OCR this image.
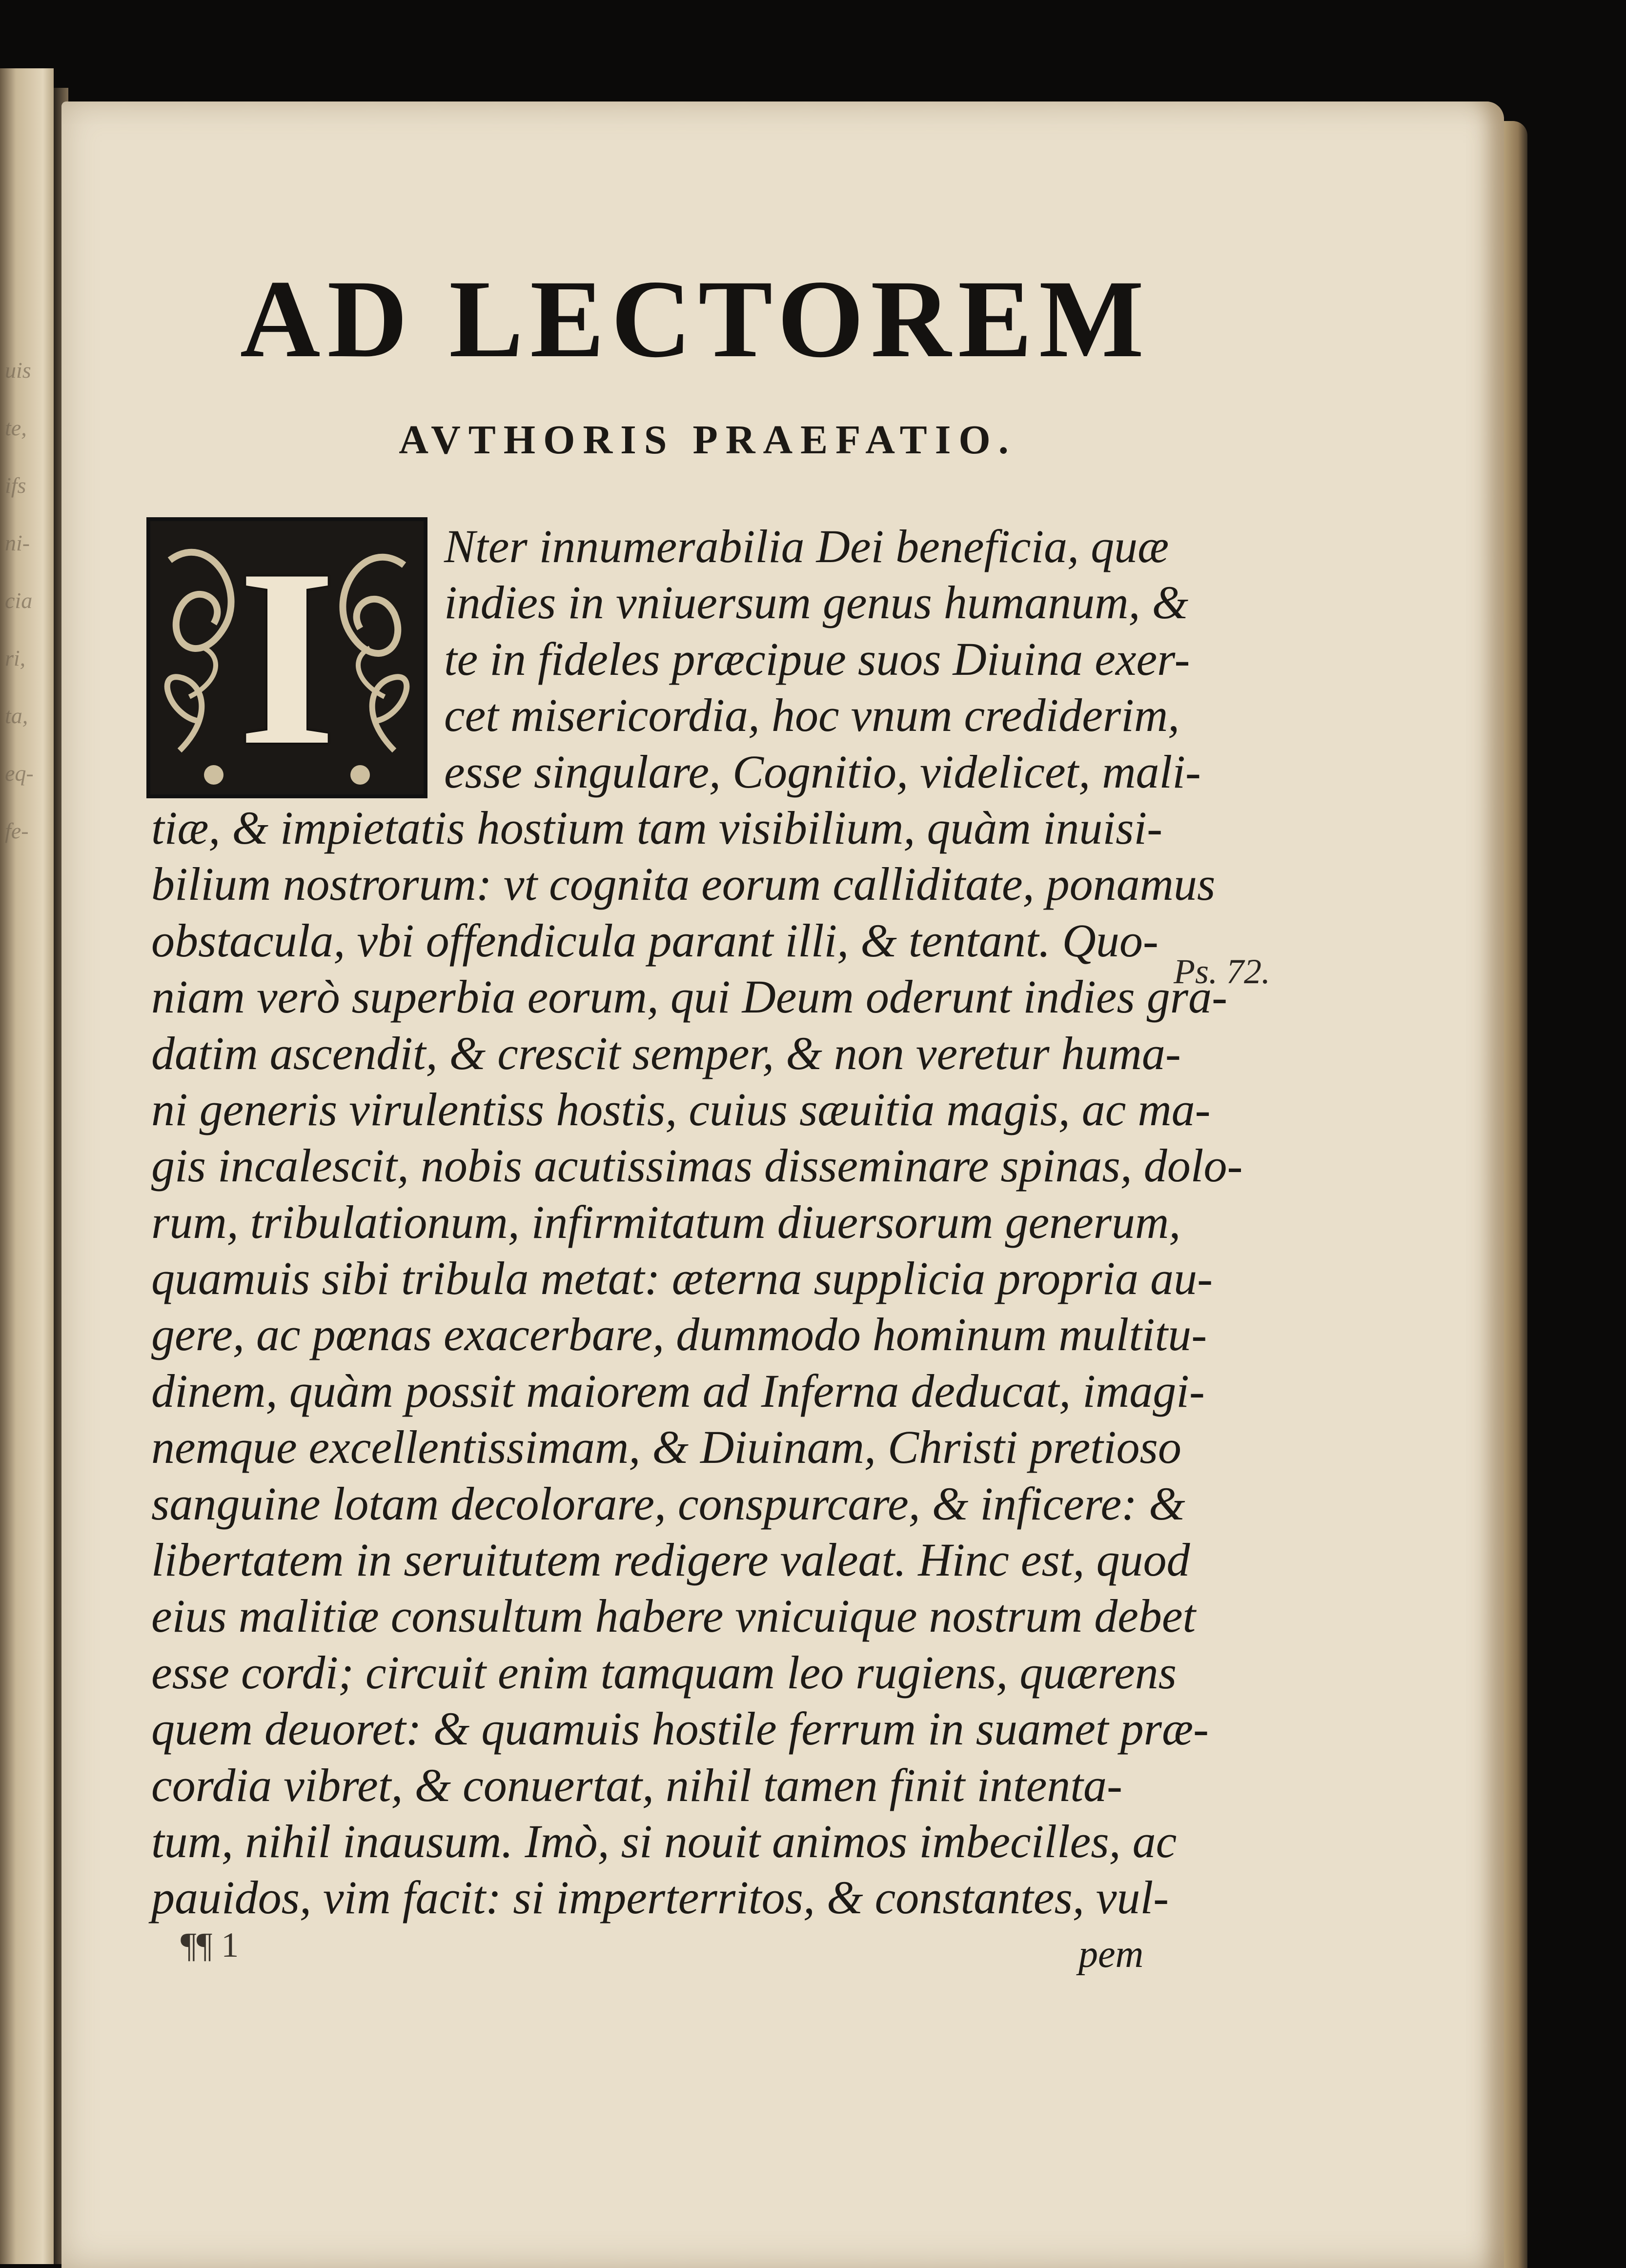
uis
te,
ifs
ni-
cia
ri,
ta,
eq-
fe-
AD LECTOREM
AVTHORIS PRAEFATIO.
I	Nter innumerabilia Dei beneficia, quæ
indies in vniuersum genus humanum, &
te in fideles præcipue suos Diuina exer-
cet misericordia, hoc vnum crediderim,
esse singulare, Cognitio, videlicet, mali-
tiæ, & impietatis hostium tam visibilium, quàm inuisi-
bilium nostrorum: vt cognita eorum calliditate, ponamus
obstacula, vbi offendicula parant illi, & tentant. Quo-
niam verò superbia eorum, qui Deum oderunt indies gra-
datim ascendit, & crescit semper, & non veretur huma-
ni generis virulentiss hostis, cuius sæuitia magis, ac ma-
gis incalescit, nobis acutissimas disseminare spinas, dolo-
rum, tribulationum, infirmitatum diuersorum generum,
quamuis sibi tribula metat: æterna supplicia propria au-
gere, ac pœnas exacerbare, dummodo hominum multitu-
dinem, quàm possit maiorem ad Inferna deducat, imagi-
nemque excellentissimam, & Diuinam, Christi pretioso
sanguine lotam decolorare, conspurcare, & inficere: &
libertatem in seruitutem redigere valeat. Hinc est, quod
eius malitiæ consultum habere vnicuique nostrum debet
esse cordi; circuit enim tamquam leo rugiens, quærens
quem deuoret: & quamuis hostile ferrum in suamet præ-
cordia vibret, & conuertat, nihil tamen finit intenta-
tum, nihil inausum. Imò, si nouit animos imbecilles, ac
pauidos, vim facit: si imperterritos, & constantes, vul-

Ps. 72.

¶¶ 1	pem
